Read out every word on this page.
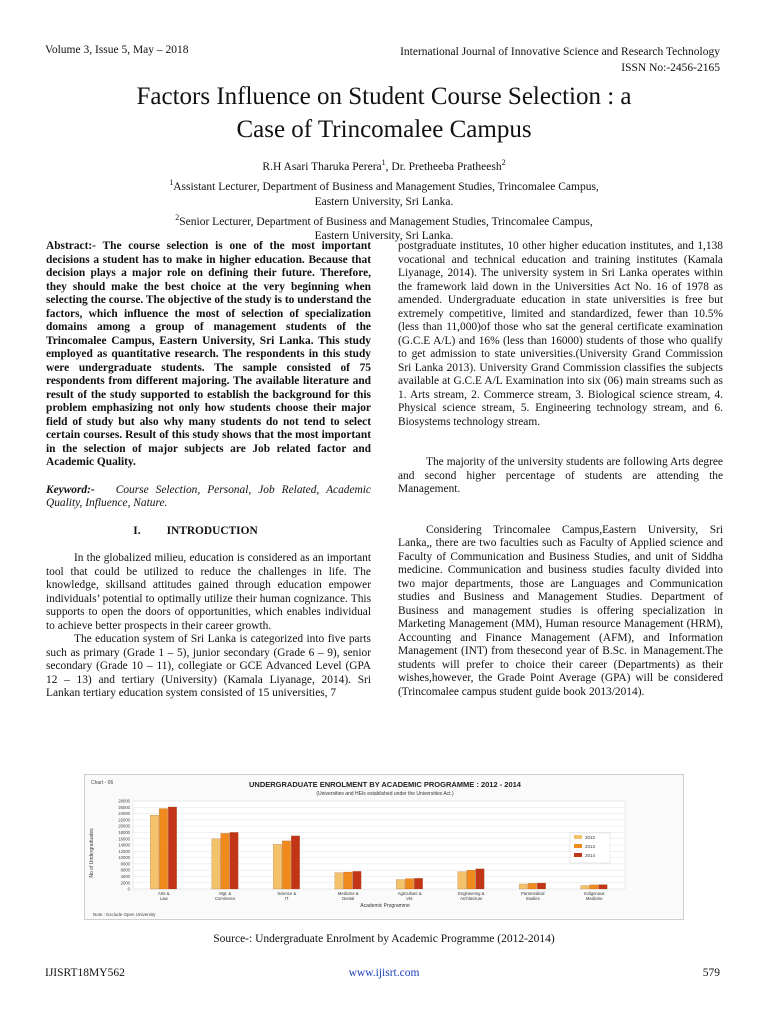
Volume 3, Issue 5, May – 2018	International Journal of Innovative Science and Research Technology
ISSN No:-2456-2165
Factors Influence on Student Course Selection : a
Case of Trincomalee Campus
R.H Asari Tharuka Perera$^1$, Dr. Pretheeba Pratheesh$^2$
$^1$Assistant Lecturer, Department of Business and Management Studies, Trincomalee Campus,
Eastern University, Sri Lanka.
$^2$Senior Lecturer, Department of Business and Management Studies, Trincomalee Campus,
Eastern University, Sri Lanka.

Abstract:- The course selection is one of the most important decisions a student has to make in higher education. Because that decision plays a major role on defining their future. Therefore, they should make the best choice at the very beginning when selecting the course. The objective of the study is to understand the factors, which influence the most of selection of specialization domains among a group of management students of the Trincomalee Campus, Eastern University, Sri Lanka. This study employed as quantitative research. The respondents in this study were undergraduate students. The sample consisted of 75 respondents from different majoring. The available literature and result of the study supported to establish the background for this problem emphasizing not only how students choose their major field of study but also why many students do not tend to select certain courses. Result of this study shows that the most important in the selection of major subjects are Job related factor and Academic Quality.

Keyword:- Course Selection, Personal, Job Related, Academic Quality, Influence, Nature.

I. INTRODUCTION

In the globalized milieu, education is considered as an important tool that could be utilized to reduce the challenges in life. The knowledge, skillsand attitudes gained through education empower individuals’ potential to optimally utilize their human cognizance. This supports to open the doors of opportunities, which enables individual to achieve better prospects in their career growth.

The education system of Sri Lanka is categorized into five parts such as primary (Grade 1 – 5), junior secondary (Grade 6 – 9), senior secondary (Grade 10 – 11), collegiate or GCE Advanced Level (GPA 12 – 13) and tertiary (University) (Kamala Liyanage, 2014). Sri Lankan tertiary education system consisted of 15 universities, 7

postgraduate institutes, 10 other higher education institutes, and 1,138 vocational and technical education and training institutes (Kamala Liyanage, 2014). The university system in Sri Lanka operates within the framework laid down in the Universities Act No. 16 of 1978 as amended. Undergraduate education in state universities is free but extremely competitive, limited and standardized, fewer than 10.5% (less than 11,000)of those who sat the general certificate examination (G.C.E A/L) and 16% (less than 16000) students of those who qualify to get admission to state universities.(University Grand Commission Sri Lanka 2013). University Grand Commission classifies the subjects available at G.C.E A/L Examination into six (06) main streams such as 1. Arts stream, 2. Commerce stream, 3. Biological science stream, 4. Physical science stream, 5. Engineering technology stream, and 6. Biosystems technology stream.

The majority of the university students are following Arts degree and second higher percentage of students are attending the Management.

Considering Trincomalee Campus,Eastern University, Sri Lanka,, there are two faculties such as Faculty of Applied science and Faculty of Communication and Business Studies, and unit of Siddha medicine. Communication and business studies faculty divided into two major departments, those are Languages and Communication studies and Business and Management Studies. Department of Business and management studies is offering specialization in Marketing Management (MM), Human resource Management (HRM), Accounting and Finance Management (AFM), and Information Management (INT) from thesecond year of B.Sc. in Management.The students will prefer to choice their career (Departments) as their wishes,however, the Grade Point Average (GPA) will be considered (Trincomalee campus student guide book 2013/2014).

Chart - 06	UNDERGRADUATE ENROLMENT BY ACADEMIC PROGRAMME : 2012 - 2014
(Universities and HEIs established under the Universities Act.)
No of Undergraduates
Academic Programme
Note : Exclude Open University
0
2000
4000
6000
8000
10000
12000
14000
16000
18000
20000
22000
24000
26000
28000
Arts & Law
Mgt. & Commerce
Science & IT
Medicine & Dental
Agriculture & Vet.
Engineering & Architecture
Paramedical Studies
Indigenous Medicine
2012
2013
2014
Source-: Undergraduate Enrolment by Academic Programme (2012-2014)
IJISRT18MY562	www.ijisrt.com	579
